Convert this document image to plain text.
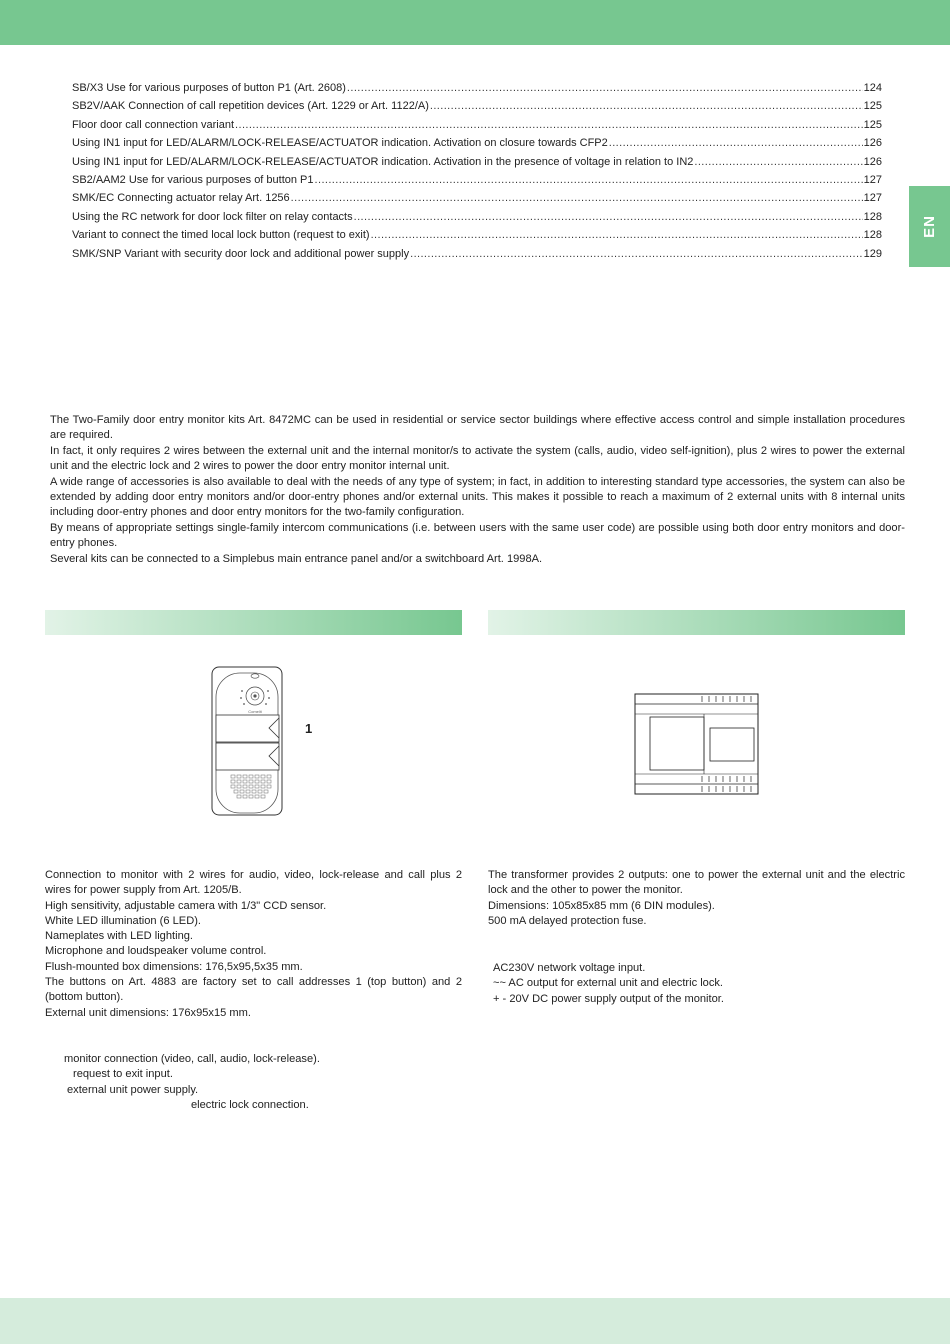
EN
SB/X3 Use for various purposes of button P1 (Art. 2608) .....	124
SB2V/AAK Connection of call repetition devices (Art. 1229 or Art. 1122/A) .....	125
Floor door call connection variant .....	125
Using IN1 input for LED/ALARM/LOCK-RELEASE/ACTUATOR indication. Activation on closure towards CFP2 .....	126
Using IN1 input for LED/ALARM/LOCK-RELEASE/ACTUATOR indication. Activation in the presence of voltage in relation to IN2 .....	126
SB2/AAM2 Use for various purposes of button P1 .....	127
SMK/EC Connecting actuator relay Art. 1256 .....	127
Using the RC network for door lock filter on relay contacts .....	128
Variant to connect the timed local lock button (request to exit) .....	128
SMK/SNP Variant with security door lock and additional power supply .....	129

The Two-Family door entry monitor kits Art. 8472MC can be used in residential or service sector buildings where effective access control and simple installation procedures are required.

In fact, it only requires 2 wires between the external unit and the internal monitor/s to activate the system (calls, audio, video self-ignition), plus 2 wires to power the external unit and the electric lock and 2 wires to power the door entry monitor internal unit.

A wide range of accessories is also available to deal with the needs of any type of system; in fact, in addition to interesting standard type accessories, the system can also be extended by adding door entry monitors and/or door-entry phones and/or external units. This makes it possible to reach a maximum of 2 external units with 8 internal units including door-entry phones and door entry monitors for the two-family configuration.

By means of appropriate settings single-family intercom communications (i.e. between users with the same user code) are possible using both door entry monitors and door-entry phones.

Several kits can be connected to a Simplebus main entrance panel and/or a switchboard Art. 1998A.

Comelit
1

Connection to monitor with 2 wires for audio, video, lock-release and call plus 2 wires for power supply from Art. 1205/B.

High sensitivity, adjustable camera with 1/3" CCD sensor.

White LED illumination (6 LED).

Nameplates with LED lighting.

Microphone and loudspeaker volume control.

Flush-mounted box dimensions: 176,5x95,5x35 mm.

The buttons on Art. 4883 are factory set to call addresses 1 (top button) and 2 (bottom button).

External unit dimensions: 176x95x15 mm.

monitor connection (video, call, audio, lock-release).

request to exit input.

external unit power supply.

electric lock connection.

The transformer provides 2 outputs: one to power the external unit and the electric lock and the other to power the monitor.

Dimensions: 105x85x85 mm (6 DIN modules).

500 mA delayed protection fuse.

AC230V network voltage input.

~~ AC output for external unit and electric lock.

+ - 20V DC power supply output of the monitor.
